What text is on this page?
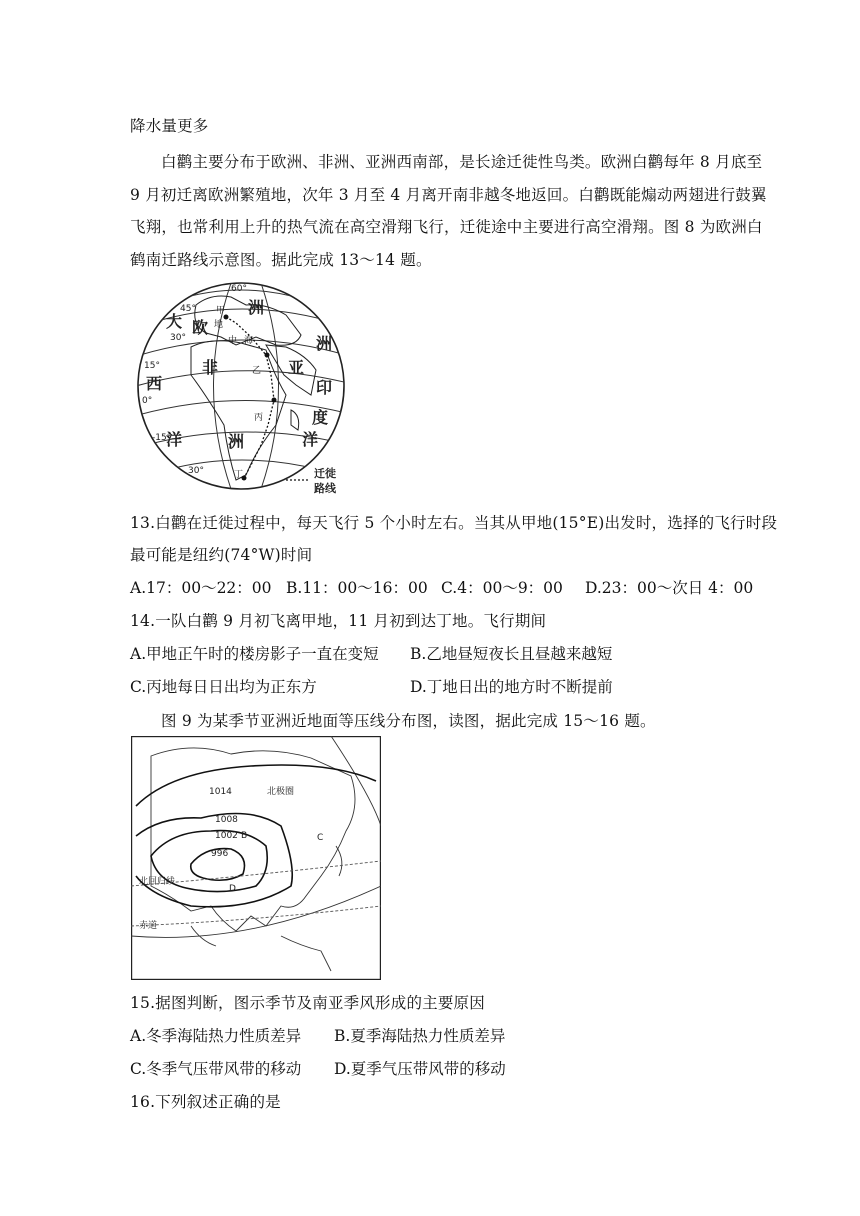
降水量更多
白鹳主要分布于欧洲、非洲、亚洲西南部，是长途迁徙性鸟类。欧洲白鹳每年 8 月底至
9 月初迁离欧洲繁殖地，次年 3 月至 4 月离开南非越冬地返回。白鹳既能煽动两翅进行鼓翼
飞翔，也常利用上升的热气流在高空滑翔飞行，迁徙途中主要进行高空滑翔。图 8 为欧洲白
鹤南迁路线示意图。据此完成 13～14 题。
60°
45°
30°
15°
0°
-15°
30°
大
西
洋
欧
洲
非
洲
亚
洲
印
度
洋
甲
乙
丙
丁
地
中 海
迁徙
路线
13.白鹳在迁徙过程中，每天飞行 5 个小时左右。当其从甲地(15°E)出发时，选择的飞行时段
最可能是纽约(74°W)时间
A.17：00～22：00 B.11：00～16：00 C.4：00～9：00 D.23：00～次日 4：00
14.一队白鹳 9 月初飞离甲地，11 月初到达丁地。飞行期间
A.甲地正午时的楼房影子一直在变短 B.乙地昼短夜长且昼越来越短
C.丙地每日日出均为正东方	D.丁地日出的地方时不断提前
图 9 为某季节亚洲近地面等压线分布图，读图，据此完成 15～16 题。
1014
1008
1002
996
北极圈
北回归线
赤道
B	C
D
15.据图判断，图示季节及南亚季风形成的主要原因
A.冬季海陆热力性质差异 B.夏季海陆热力性质差异
C.冬季气压带风带的移动 D.夏季气压带风带的移动
16.下列叙述正确的是
